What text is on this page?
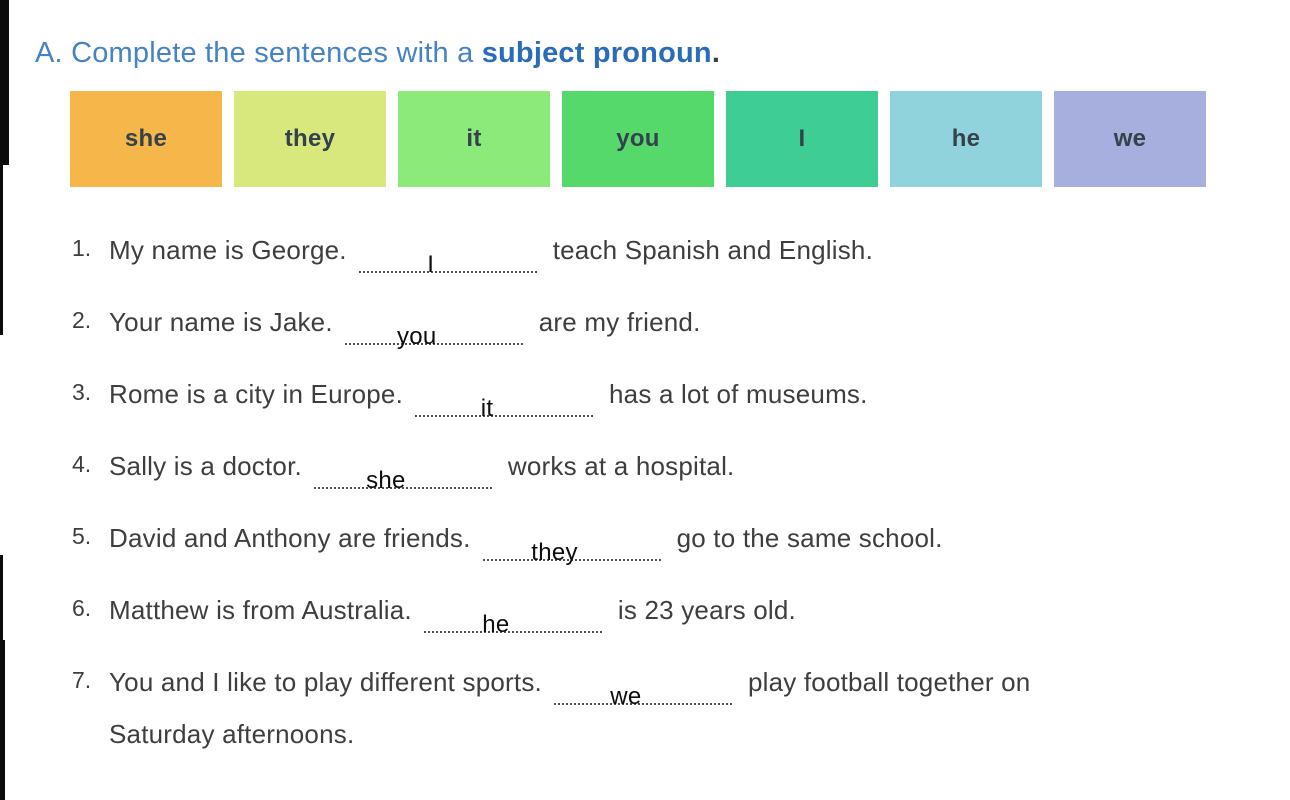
A. Complete the sentences with a subject pronoun.
she	they	it	you	I	he	we
1. My name is George.	I	teach Spanish and English.
2. Your name is Jake.	you	are my friend.
3. Rome is a city in Europe.	it	has a lot of museums.
4. Sally is a doctor.	she	works at a hospital.
5. David and Anthony are friends.	they	go to the same school.
6. Matthew is from Australia.	he	is 23 years old.
7. You and I like to play different sports.	we	play football together on
Saturday afternoons.
